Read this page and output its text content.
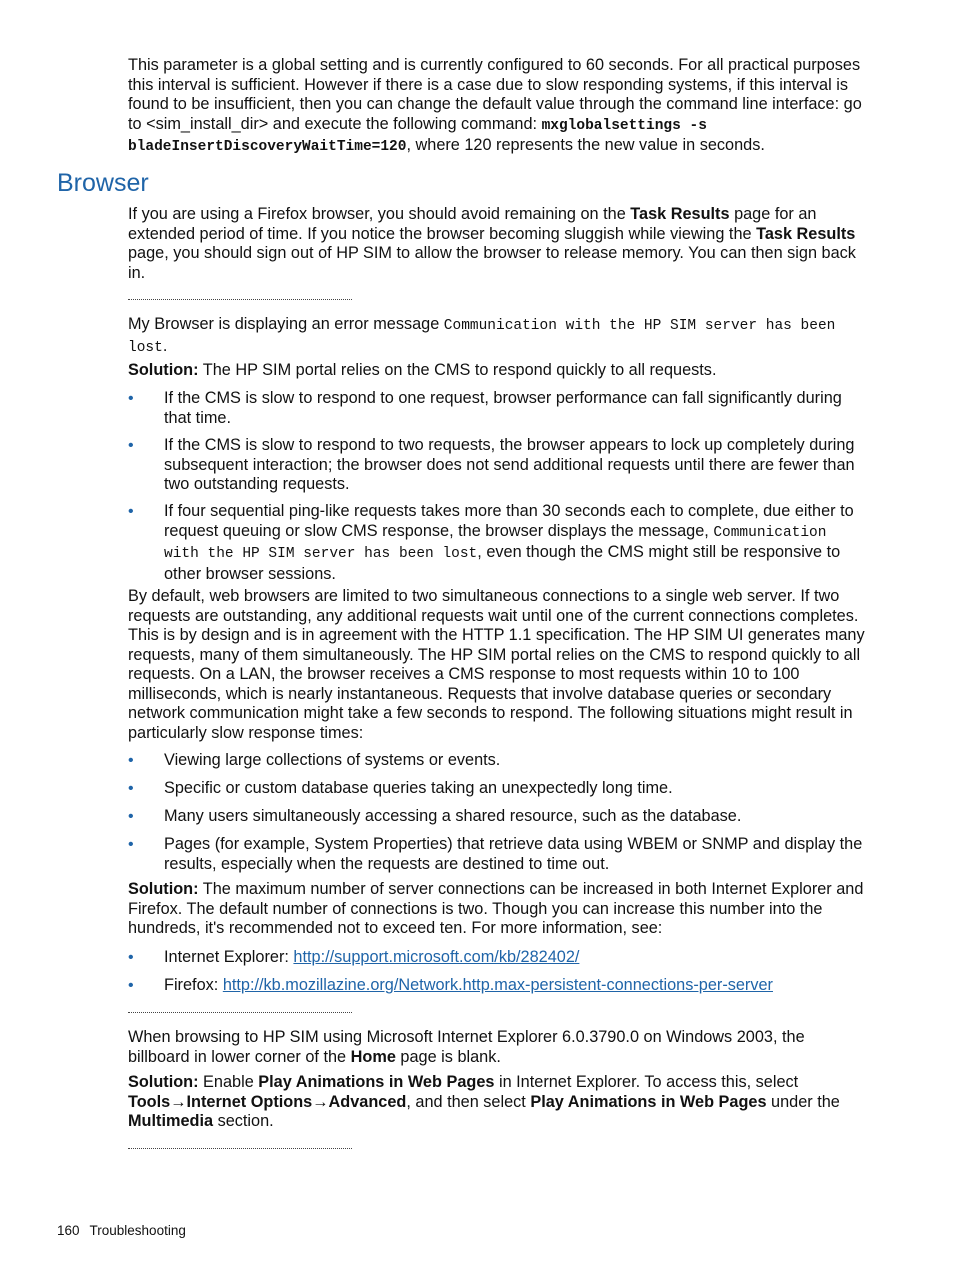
This parameter is a global setting and is currently configured to 60 seconds. For all practical purposes this interval is sufficient. However if there is a case due to slow responding systems, if this interval is found to be insufficient, then you can change the default value through the command line interface: go to <sim_install_dir> and execute the following command: mxglobalsettings -s bladeInsertDiscoveryWaitTime=120, where 120 represents the new value in seconds.
Browser
If you are using a Firefox browser, you should avoid remaining on the Task Results page for an extended period of time. If you notice the browser becoming sluggish while viewing the Task Results page, you should sign out of HP SIM to allow the browser to release memory. You can then sign back in.
My Browser is displaying an error message Communication with the HP SIM server has been lost.
Solution: The HP SIM portal relies on the CMS to respond quickly to all requests.
• If the CMS is slow to respond to one request, browser performance can fall significantly during that time.
• If the CMS is slow to respond to two requests, the browser appears to lock up completely during subsequent interaction; the browser does not send additional requests until there are fewer than two outstanding requests.
• If four sequential ping-like requests takes more than 30 seconds each to complete, due either to request queuing or slow CMS response, the browser displays the message, Communication with the HP SIM server has been lost, even though the CMS might still be responsive to other browser sessions.
By default, web browsers are limited to two simultaneous connections to a single web server. If two requests are outstanding, any additional requests wait until one of the current connections completes. This is by design and is in agreement with the HTTP 1.1 specification. The HP SIM UI generates many requests, many of them simultaneously. The HP SIM portal relies on the CMS to respond quickly to all requests. On a LAN, the browser receives a CMS response to most requests within 10 to 100 milliseconds, which is nearly instantaneous. Requests that involve database queries or secondary network communication might take a few seconds to respond. The following situations might result in particularly slow response times:
• Viewing large collections of systems or events.
• Specific or custom database queries taking an unexpectedly long time.
• Many users simultaneously accessing a shared resource, such as the database.
• Pages (for example, System Properties) that retrieve data using WBEM or SNMP and display the results, especially when the requests are destined to time out.
Solution: The maximum number of server connections can be increased in both Internet Explorer and Firefox. The default number of connections is two. Though you can increase this number into the hundreds, it's recommended not to exceed ten. For more information, see:
• Internet Explorer: http://support.microsoft.com/kb/282402/
• Firefox: http://kb.mozillazine.org/Network.http.max-persistent-connections-per-server
When browsing to HP SIM using Microsoft Internet Explorer 6.0.3790.0 on Windows 2003, the billboard in lower corner of the Home page is blank.
Solution: Enable Play Animations in Web Pages in Internet Explorer. To access this, select Tools→Internet Options→Advanced, and then select Play Animations in Web Pages under the Multimedia section.
160 Troubleshooting
